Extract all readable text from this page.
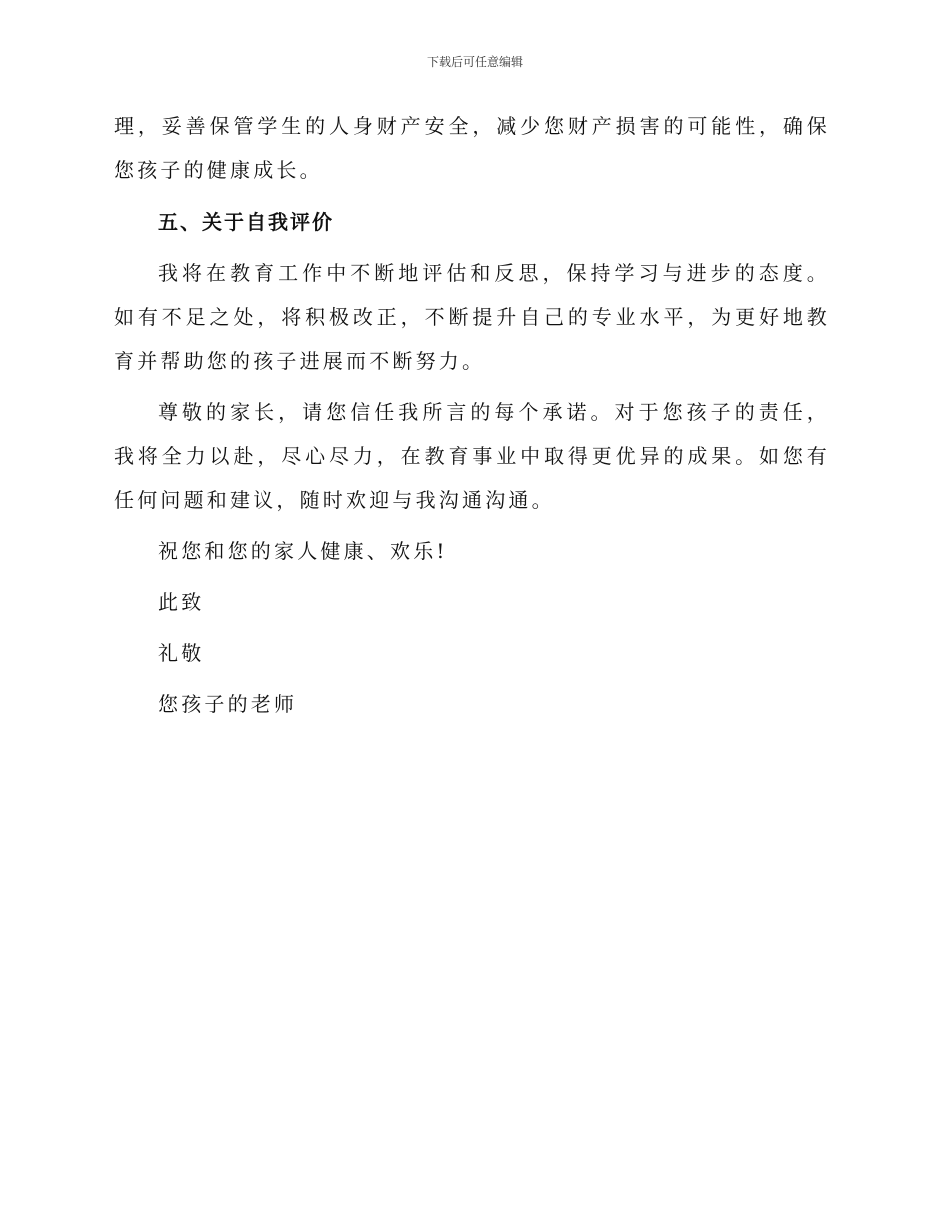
下载后可任意编辑

理，妥善保管学生的人身财产安全，减少您财产损害的可能性，确保您孩子的健康成长。

五、关于自我评价

我将在教育工作中不断地评估和反思，保持学习与进步的态度。如有不足之处，将积极改正，不断提升自己的专业水平，为更好地教育并帮助您的孩子进展而不断努力。

尊敬的家长，请您信任我所言的每个承诺。对于您孩子的责任，我将全力以赴，尽心尽力，在教育事业中取得更优异的成果。如您有任何问题和建议，随时欢迎与我沟通沟通。

祝您和您的家人健康、欢乐!

此致

礼敬

您孩子的老师
